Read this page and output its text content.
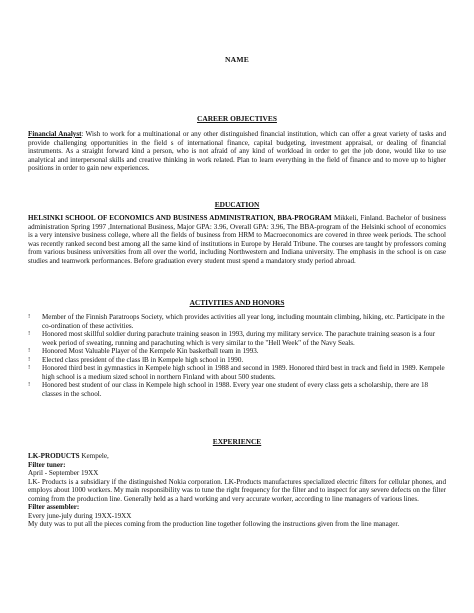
NAME
CAREER OBJECTIVES

Financial Analyst: Wish to work for a multinational or any other distinguished financial institution, which can offer a great variety of tasks and provide challenging opportunities in the field s of international finance, capital budgeting, investment appraisal, or dealing of financial instruments. As a straight forward kind a person, who is not afraid of any kind of workload in order to get the job done, would like to use analytical and interpersonal skills and creative thinking in work related. Plan to learn everything in the field of finance and to move up to higher positions in order to gain new experiences.

EDUCATION

HELSINKI SCHOOL OF ECONOMICS AND BUSINESS ADMINISTRATION, BBA-PROGRAM Mikkeli, Finland. Bachelor of business administration Spring 1997 ,International Business, Major GPA: 3.96, Overall GPA: 3.96, The BBA-program of the Helsinki school of economics is a very intensive business college, where all the fields of business from HRM to Macroeconomics are covered in three week periods. The school was recently ranked second best among all the same kind of institutions in Europe by Herald Tribune. The courses are taught by professors coming from various business universities from all over the world, including Northwestern and Indiana university. The emphasis in the school is on case studies and teamwork performances. Before graduation every student must spend a mandatory study period abroad.

ACTIVITIES AND HONORS
!	Member of the Finnish Paratroops Society, which provides activities all year long, including mountain climbing, hiking, etc. Participate in the co-ordination of these activities.
!	Honored most skillful soldier during parachute training season in 1993, during my military service. The parachute training season is a four week period of sweating, running and parachuting which is very similar to the "Hell Week" of the Navy Seals.
!	Honored Most Valuable Player of the Kempele Kin basketball team in 1993.
!	Elected class president of the class lB in Kempele high school in 1990.
!	Honored third best in gymnastics in Kempele high school in 1988 and second in 1989. Honored third best in track and field in 1989. Kempele high school is a medium sized school in northern Finland with about 500 students.
!	Honored best student of our class in Kempele high school in 1988. Every year one student of every class gets a scholarship, there are 18 classes in the school.
EXPERIENCE

LK-PRODUCTS Kempele,

Filter tuner:

April - September 19XX

LK- Products is a subsidiary if the distinguished Nokia corporation. LK-Products manufactures specialized electric filters for cellular phones, and employs about 1000 workers. My main responsibility was to tune the right frequency for the filter and to inspect for any severe defects on the filter coming from the production line. Generally held as a hard working and very accurate worker, according to line managers of various lines.

Filter assembler:

Every june-july during 19XX-19XX

My duty was to put all the pieces coming from the production line together following the instructions given from the line manager.
